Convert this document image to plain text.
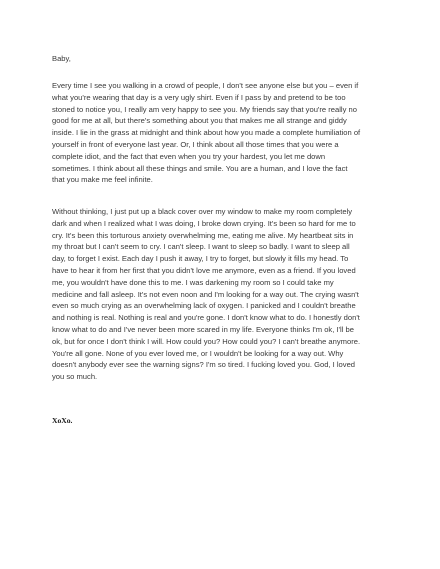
Baby,
Every time I see you walking in a crowd of people, I don't see anyone else but you – even if
what you're wearing that day is a very ugly shirt. Even if I pass by and pretend to be too
stoned to notice you, I really am very happy to see you. My friends say that you're really no
good for me at all, but there's something about you that makes me all strange and giddy
inside. I lie in the grass at midnight and think about how you made a complete humiliation of
yourself in front of everyone last year. Or, I think about all those times that you were a
complete idiot, and the fact that even when you try your hardest, you let me down
sometimes. I think about all these things and smile. You are a human, and I love the fact
that you make me feel infinite.
Without thinking, I just put up a black cover over my window to make my room completely
dark and when I realized what I was doing, I broke down crying. It's been so hard for me to
cry. It's been this torturous anxiety overwhelming me, eating me alive. My heartbeat sits in
my throat but I can't seem to cry. I can't sleep. I want to sleep so badly. I want to sleep all
day, to forget I exist. Each day I push it away, I try to forget, but slowly it fills my head. To
have to hear it from her first that you didn't love me anymore, even as a friend. If you loved
me, you wouldn't have done this to me. I was darkening my room so I could take my
medicine and fall asleep. It's not even noon and I'm looking for a way out. The crying wasn't
even so much crying as an overwhelming lack of oxygen. I panicked and I couldn't breathe
and nothing is real. Nothing is real and you're gone. I don't know what to do. I honestly don't
know what to do and I've never been more scared in my life. Everyone thinks I'm ok, I'll be
ok, but for once I don't think I will. How could you? How could you? I can't breathe anymore.
You're all gone. None of you ever loved me, or I wouldn't be looking for a way out. Why
doesn't anybody ever see the warning signs? I'm so tired. I fucking loved you. God, I loved
you so much.
XoXo.
